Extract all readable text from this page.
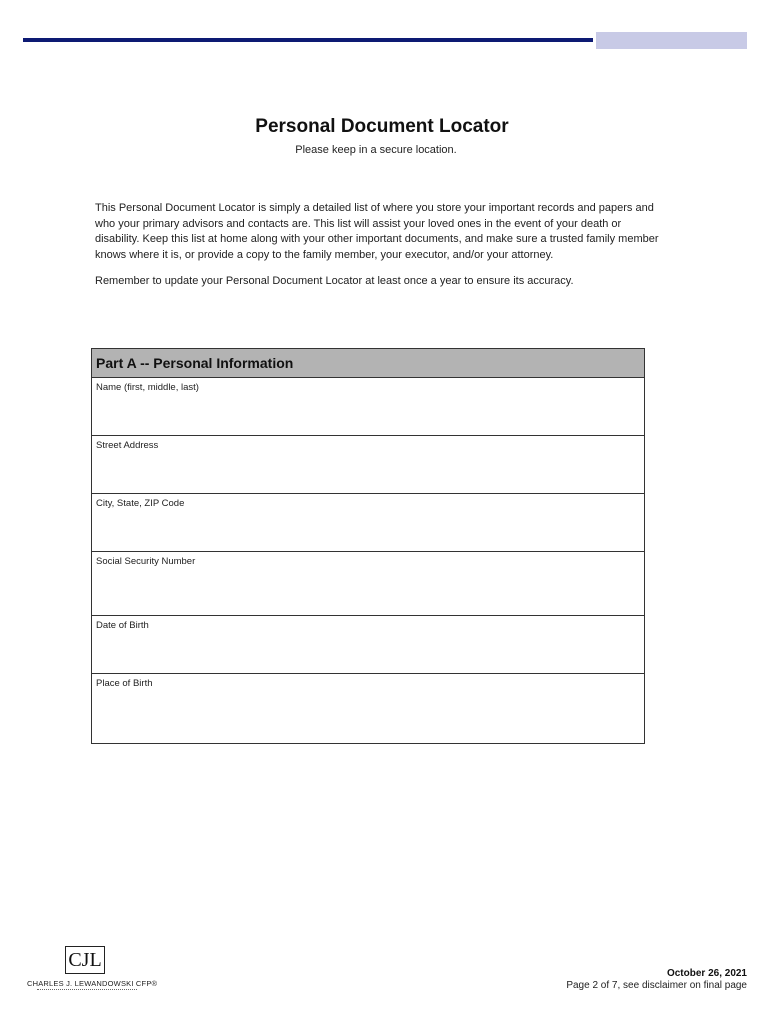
Personal Document Locator
Please keep in a secure location.

This Personal Document Locator is simply a detailed list of where you store your important records and papers and who your primary advisors and contacts are. This list will assist your loved ones in the event of your death or disability. Keep this list at home along with your other important documents, and make sure a trusted family member knows where it is, or provide a copy to the family member, your executor, and/or your attorney.

Remember to update your Personal Document Locator at least once a year to ensure its accuracy.

Part A -- Personal Information
Name (first, middle, last)
Street Address
City, State, ZIP Code
Social Security Number
Date of Birth
Place of Birth
CJL
CHARLES J. LEWANDOWSKI CFP®
October 26, 2021
Page 2 of 7, see disclaimer on final page
